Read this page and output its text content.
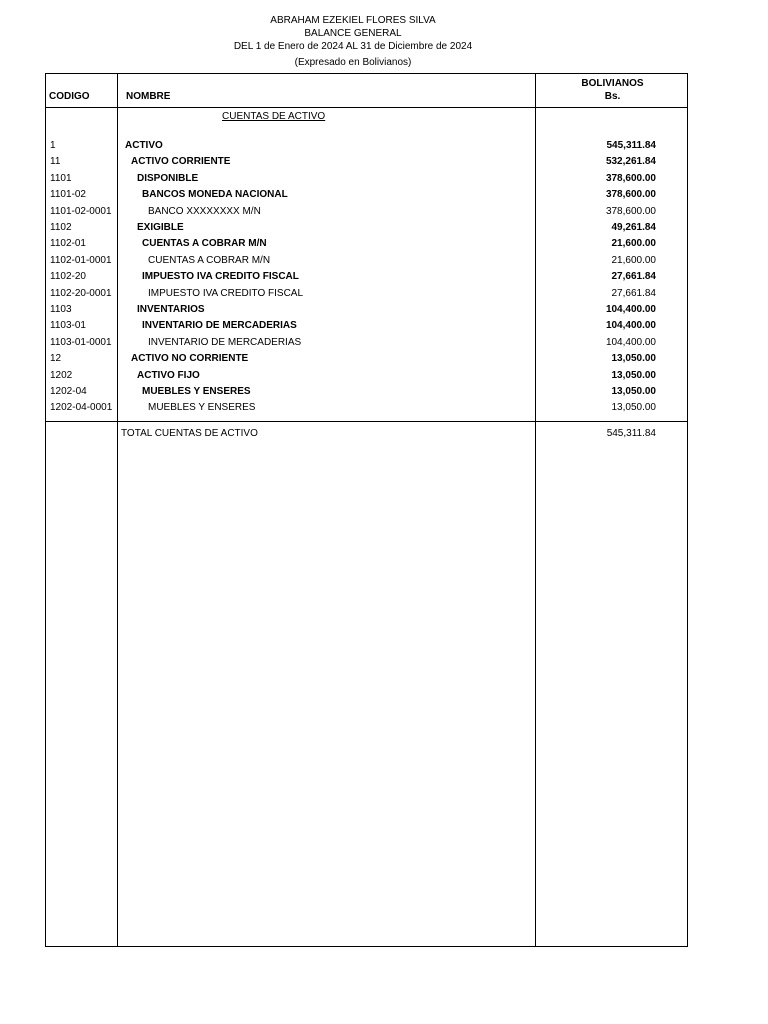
ABRAHAM EZEKIEL FLORES SILVA
BALANCE GENERAL
DEL 1 de Enero de 2024 AL 31 de Diciembre de 2024
(Expresado en Bolivianos)
CODIGO	NOMBRE
BOLIVIANOS
Bs.
CUENTAS DE ACTIVO
1	ACTIVO	545,311.84
11	ACTIVO CORRIENTE	532,261.84
1101	DISPONIBLE	378,600.00
1101-02	BANCOS MONEDA NACIONAL	378,600.00
1101-02-0001	BANCO XXXXXXXX M/N	378,600.00
1102	EXIGIBLE	49,261.84
1102-01	CUENTAS A COBRAR M/N	21,600.00
1102-01-0001	CUENTAS A COBRAR M/N	21,600.00
1102-20	IMPUESTO IVA CREDITO FISCAL	27,661.84
1102-20-0001	IMPUESTO IVA CREDITO FISCAL	27,661.84
1103	INVENTARIOS	104,400.00
1103-01	INVENTARIO DE MERCADERIAS	104,400.00
1103-01-0001	INVENTARIO DE MERCADERIAS	104,400.00
12	ACTIVO NO CORRIENTE	13,050.00
1202	ACTIVO FIJO	13,050.00
1202-04	MUEBLES Y ENSERES	13,050.00
1202-04-0001	MUEBLES Y ENSERES	13,050.00
TOTAL CUENTAS DE ACTIVO	545,311.84
